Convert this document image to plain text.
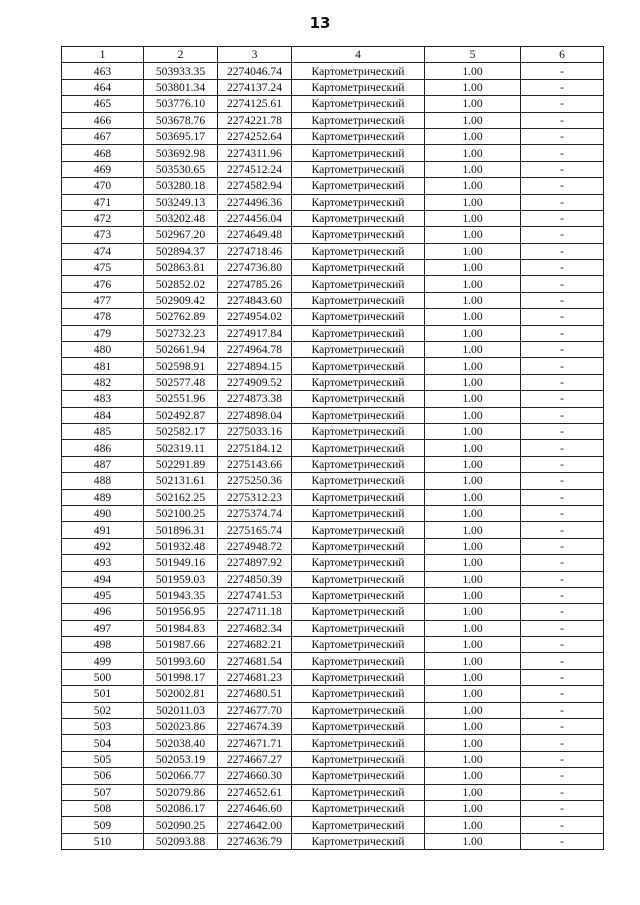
13
1	2	3	4	5	6
463	503933.35	2274046.74	Картометрический	1.00	-
464	503801.34	2274137.24	Картометрический	1.00	-
465	503776.10	2274125.61	Картометрический	1.00	-
466	503678.76	2274221.78	Картометрический	1.00	-
467	503695.17	2274252.64	Картометрический	1.00	-
468	503692.98	2274311.96	Картометрический	1.00	-
469	503530.65	2274512.24	Картометрический	1.00	-
470	503280.18	2274582.94	Картометрический	1.00	-
471	503249.13	2274496.36	Картометрический	1.00	-
472	503202.48	2274456.04	Картометрический	1.00	-
473	502967.20	2274649.48	Картометрический	1.00	-
474	502894.37	2274718.46	Картометрический	1.00	-
475	502863.81	2274736.80	Картометрический	1.00	-
476	502852.02	2274785.26	Картометрический	1.00	-
477	502909.42	2274843.60	Картометрический	1.00	-
478	502762.89	2274954.02	Картометрический	1.00	-
479	502732.23	2274917.84	Картометрический	1.00	-
480	502661.94	2274964.78	Картометрический	1.00	-
481	502598.91	2274894.15	Картометрический	1.00	-
482	502577.48	2274909.52	Картометрический	1.00	-
483	502551.96	2274873.38	Картометрический	1.00	-
484	502492.87	2274898.04	Картометрический	1.00	-
485	502582.17	2275033.16	Картометрический	1.00	-
486	502319.11	2275184.12	Картометрический	1.00	-
487	502291.89	2275143.66	Картометрический	1.00	-
488	502131.61	2275250.36	Картометрический	1.00	-
489	502162.25	2275312.23	Картометрический	1.00	-
490	502100.25	2275374.74	Картометрический	1.00	-
491	501896.31	2275165.74	Картометрический	1.00	-
492	501932.48	2274948.72	Картометрический	1.00	-
493	501949.16	2274897.92	Картометрический	1.00	-
494	501959.03	2274850.39	Картометрический	1.00	-
495	501943.35	2274741.53	Картометрический	1.00	-
496	501956.95	2274711.18	Картометрический	1.00	-
497	501984.83	2274682.34	Картометрический	1.00	-
498	501987.66	2274682.21	Картометрический	1.00	-
499	501993.60	2274681.54	Картометрический	1.00	-
500	501998.17	2274681.23	Картометрический	1.00	-
501	502002.81	2274680.51	Картометрический	1.00	-
502	502011.03	2274677.70	Картометрический	1.00	-
503	502023.86	2274674.39	Картометрический	1.00	-
504	502038.40	2274671.71	Картометрический	1.00	-
505	502053.19	2274667.27	Картометрический	1.00	-
506	502066.77	2274660.30	Картометрический	1.00	-
507	502079.86	2274652.61	Картометрический	1.00	-
508	502086.17	2274646.60	Картометрический	1.00	-
509	502090.25	2274642.00	Картометрический	1.00	-
510	502093.88	2274636.79	Картометрический	1.00	-
